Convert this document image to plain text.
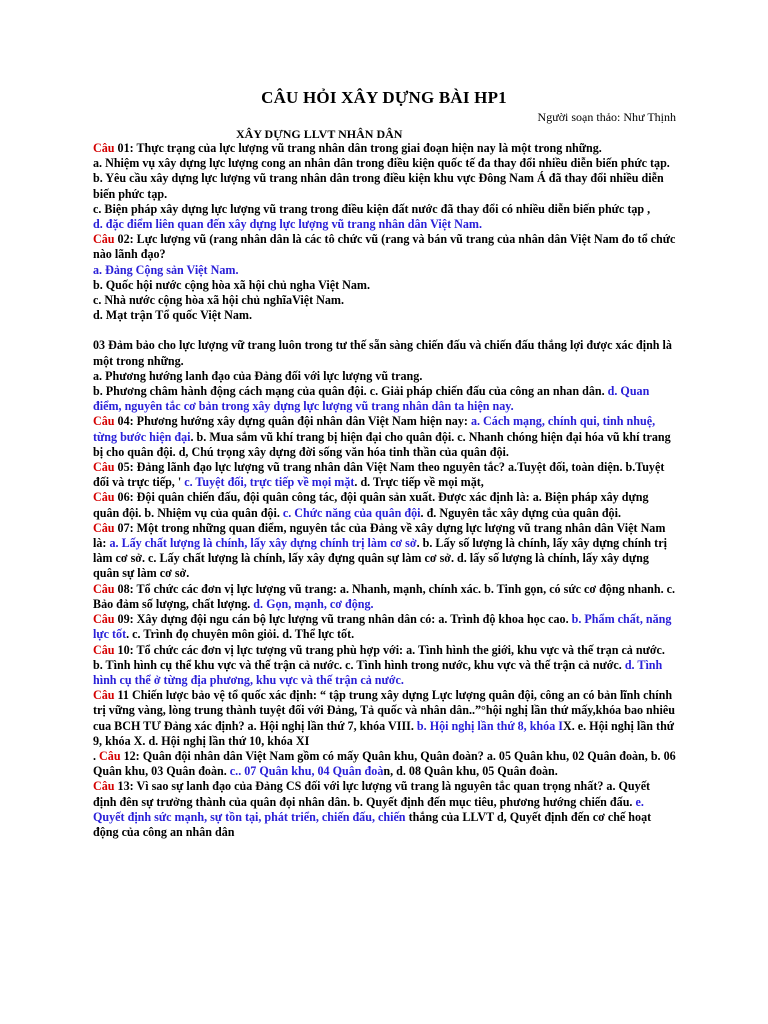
CÂU HỎI XÂY DỰNG BÀI HP1
Người soạn thảo: Như Thịnh
XÂY DỰNG LLVT NHÂN DÂN

Câu 01: Thực trạng của lực lượng vũ trang nhân dân trong giai đoạn hiện nay là một trong những.

a. Nhiệm vụ xây dựng lực lượng cong an nhân dân trong điều kiện quốc tế đa thay đổi nhiều diễn biến phức tạp.

b. Yêu cầu xây dựng lực lượng vũ trang nhân dân trong điều kiện khu vực Đông Nam Á đã thay đổi nhiều diễn biến phức tạp.

c. Biện pháp xây dựng lực lượng vũ trang trong điều kiện đất nước đã thay đổi có nhiều diễn biến phức tạp ,

d. đặc điểm liên quan đến xây dựng lực lượng vũ trang nhân dân Việt Nam.

Câu 02: Lực lượng vũ (rang nhân dân là các tô chức vũ (rang và bán vũ trang của nhân dân Việt Nam đo tổ chức nào lãnh đạo?

a. Đảng Cộng sản Việt Nam.

b. Quốc hội nước cộng hòa xã hội chủ ngha Việt Nam.

c. Nhà nước cộng hòa xã hội chủ nghĩaViệt Nam.

d. Mạt trận Tổ quốc Việt Nam.

03 Đảm bảo cho lực lượng vữ trang luôn trong tư thế sẵn sàng chiến đấu và chiến đấu thắng lợi được xác định là một trong những.

a. Phương hướng lanh đạo của Đảng đối với lực lượng vũ trang.

b. Phương châm hành động cách mạng của quân đội. c. Giải pháp chiến đấu của công an nhan dân. d. Quan điểm, nguyên tắc cơ bản trong xây dựng lực lượng vũ trang nhân dân ta hiện nay.

Câu 04: Phương hướng xây dựng quân đội nhân dân Việt Nam hiện nay: a. Cách mạng, chính qui, tinh nhuệ, từng bước hiện đại. b. Mua sắm vũ khí trang bị hiện đại cho quân đội. c. Nhanh chóng hiện đại hóa vũ khí trang bị cho quân đội. d, Chú trọng xây dựng đời sống văn hóa tinh thần của quân đội.

Câu 05: Đảng lãnh đạo lực lượng vũ trang nhân dân Việt Nam theo nguyên tắc? a.Tuyệt đối, toàn diện. b.Tuyệt đối và trực tiếp, ' c. Tuyệt đối, trực tiếp về mọi mặt. d. Trực tiếp về mọi mặt,

Câu 06: Đội quân chiến đấu, đội quân công tác, đội quân sản xuất. Được xác định là: a. Biện pháp xây dựng quân đội. b. Nhiệm vụ của quân đội. c. Chức năng của quân đội. đ. Nguyên tắc xây dựng của quân đội.

Câu 07: Một trong những quan điểm, nguyên tắc của Đảng về xây dựng lực lượng vũ trang nhân dân Việt Nam là: a. Lấy chất lượng là chính, lấy xây dựng chính trị làm cơ sở. b. Lấy số lượng là chính, lấy xây dựng chính trị làm cơ sở. c. Lấy chất lượng là chính, lấy xây đựng quân sự làm cơ sở. d. lấy số lượng là chính, lấy xây dựng quân sự làm cơ sở.

Câu 08: Tổ chức các đơn vị lực lượng vũ trang: a. Nhanh, mạnh, chính xác. b. Tinh gọn, có sức cơ động nhanh. c. Bảo đảm số lượng, chất lượng. d. Gọn, mạnh, cơ động.

Câu 09: Xây dựng đội ngu cán bộ lực lượng vũ trang nhân dân có: a. Trình độ khoa học cao. b. Phẩm chất, năng lực tốt. c. Trình đọ chuyên môn giỏi. d. Thể lực tốt.

Câu 10: Tổ chức các đơn vị lực tượng vũ trang phù hợp với: a. Tình hình the giới, khu vực và thế trạn cả nước. b. Tình hình cụ thể khu vực và thế trận cả nước. c. Tình hình trong nước, khu vực và thế trận cả nước. d. Tình hình cụ thể ở từng địa phương, khu vực và thế trận cả nước.

Câu 11 Chiến lược bảo vệ tổ quốc xác định: “ tập trung xây dựng Lực lượng quân đội, công an có bản lĩnh chính trị vững vàng, lòng trung thành tuyệt đối với Đảng, Tả quốc và nhân dân..”°hội nghị lần thứ mấy,khóa bao nhiêu cua BCH TƯ Đảng xác định? a. Hội nghị lần thứ 7, khóa VIII. b. Hội nghị lần thứ 8, khóa IX. e. Hội nghị lần thứ 9, khóa X. d. Hội nghị lần thứ 10, khóa XI

. Câu 12: Quân đội nhân dân Việt Nam gồm có mấy Quân khu, Quân đoàn? a. 05 Quân khu, 02 Quân đoàn, b. 06 Quân khu, 03 Quân đoàn. c.. 07 Quân khu, 04 Quân đoàn, d. 08 Quân khu, 05 Quân đoàn.

Câu 13: Vì sao sự lanh đạo của Đảng CS đối với lực lượng vũ trang là nguyên tắc quan trọng nhất? a. Quyết định đên sự trưởng thành của quân đọi nhân dân. b. Quyết định đến mục tiêu, phương hướng chiến đấu. e. Quyết định sức mạnh, sự tồn tại, phát triển, chiến đấu, chiến thắng của LLVT d, Quyết định đến cơ chế hoạt động của công an nhân dân
